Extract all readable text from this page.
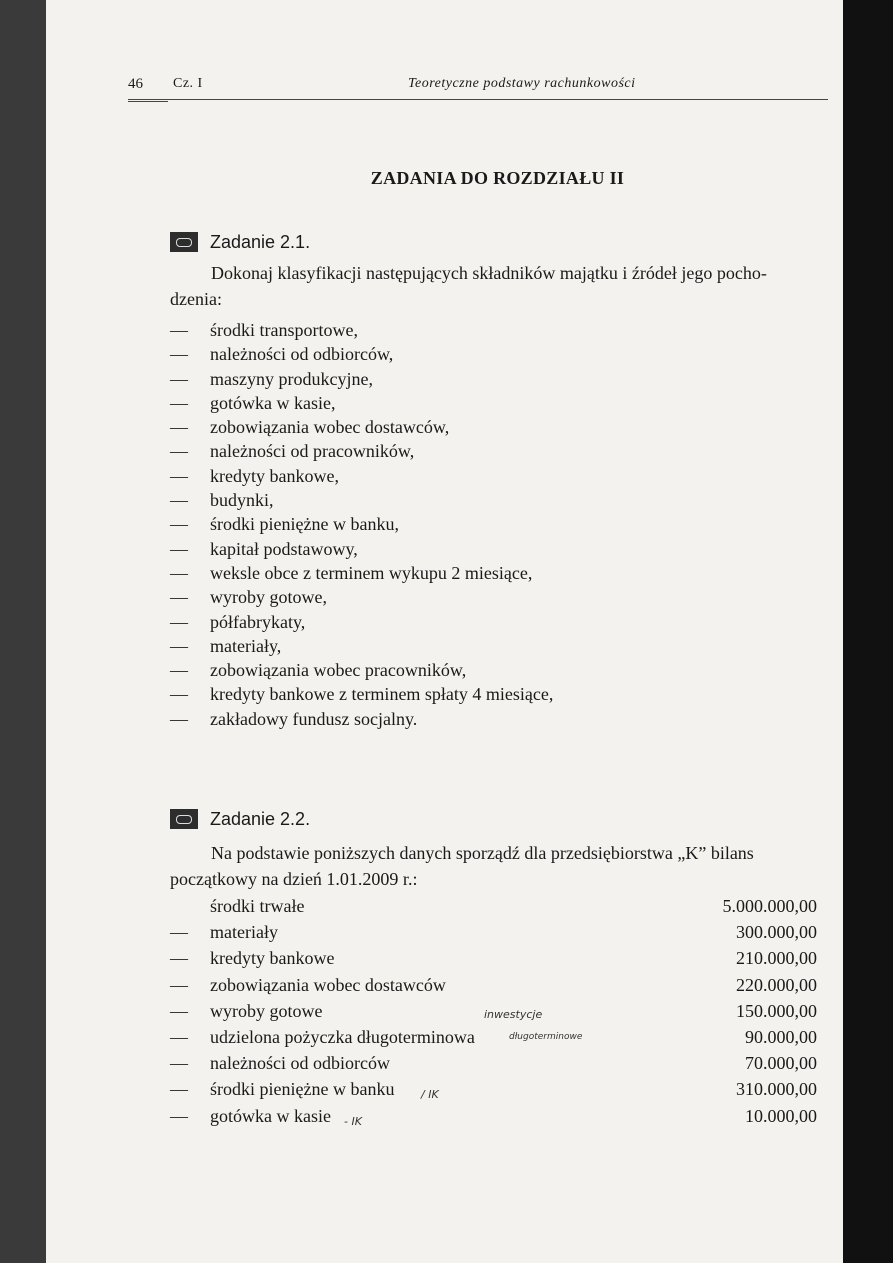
46 Cz. I	Teoretyczne podstawy rachunkowości
ZADANIA DO ROZDZIAŁU II
Zadanie 2.1.
Dokonaj klasyfikacji następujących składników majątku i źródeł jego pocho-
dzenia:
— środki transportowe,
— należności od odbiorców,
— maszyny produkcyjne,
— gotówka w kasie,
— zobowiązania wobec dostawców,
— należności od pracowników,
— kredyty bankowe,
— budynki,
— środki pieniężne w banku,
— kapitał podstawowy,
— weksle obce z terminem wykupu 2 miesiące,
— wyroby gotowe,
— półfabrykaty,
— materiały,
— zobowiązania wobec pracowników,
— kredyty bankowe z terminem spłaty 4 miesiące,
— zakładowy fundusz socjalny.
Zadanie 2.2.
Na podstawie poniższych danych sporządź dla przedsiębiorstwa „K” bilans
początkowy na dzień 1.01.2009 r.:
środki trwałe	5.000.000,00
— materiały	300.000,00
— kredyty bankowe	210.000,00
— zobowiązania wobec dostawców	220.000,00
— wyroby gotowe	150.000,00
— udzielona pożyczka długoterminowa	90.000,00
— należności od odbiorców	70.000,00
— środki pieniężne w banku	310.000,00
— gotówka w kasie	10.000,00
inwestycje
długoterminowe
/ IK
- IK
